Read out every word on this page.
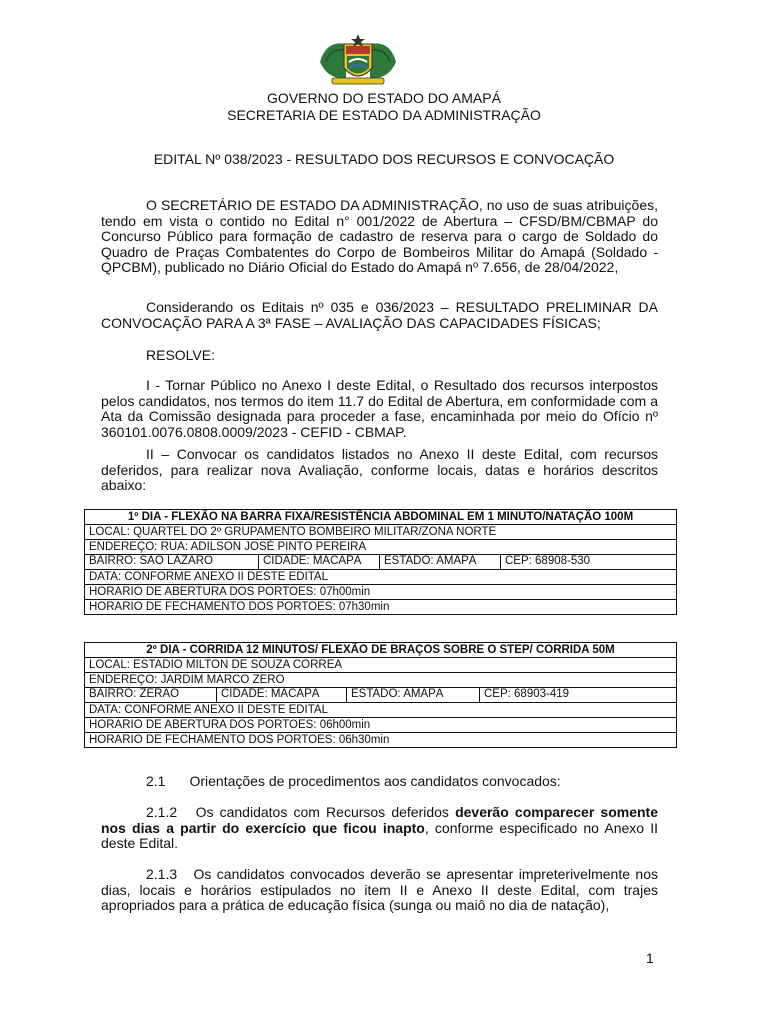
GOVERNO DO ESTADO DO AMAPÁ
SECRETARIA DE ESTADO DA ADMINISTRAÇÃO
EDITAL Nº 038/2023 - RESULTADO DOS RECURSOS E CONVOCAÇÃO
O SECRETÁRIO DE ESTADO DA ADMINISTRAÇÃO, no uso de suas atribuições, tendo em vista o contido no Edital n° 001/2022 de Abertura – CFSD/BM/CBMAP do Concurso Público para formação de cadastro de reserva para o cargo de Soldado do Quadro de Praças Combatentes do Corpo de Bombeiros Militar do Amapá (Soldado - QPCBM), publicado no Diário Oficial do Estado do Amapá nº 7.656, de 28/04/2022,
Considerando os Editais nº 035 e 036/2023 – RESULTADO PRELIMINAR DA CONVOCAÇÃO PARA A 3ª FASE – AVALIAÇÃO DAS CAPACIDADES FÍSICAS;
RESOLVE:
I - Tornar Público no Anexo I deste Edital, o Resultado dos recursos interpostos pelos candidatos, nos termos do item 11.7 do Edital de Abertura, em conformidade com a Ata da Comissão designada para proceder a fase, encaminhada por meio do Ofício nº 360101.0076.0808.0009/2023 - CEFID - CBMAP.
II – Convocar os candidatos listados no Anexo II deste Edital, com recursos deferidos, para realizar nova Avaliação, conforme locais, datas e horários descritos abaixo:
1º DIA - FLEXÃO NA BARRA FIXA/RESISTÊNCIA ABDOMINAL EM 1 MINUTO/NATAÇÃO 100M
LOCAL: QUARTEL DO 2º GRUPAMENTO BOMBEIRO MILITAR/ZONA NORTE
ENDEREÇO: RUA: ADILSON JOSÉ PINTO PEREIRA

BAIRRO: SÃO LÁZARO	CIDADE: MACAPÁ	ESTADO: AMAPÁ	CEP: 68908-530

DATA: CONFORME ANEXO II DESTE EDITAL
HORARIO DE ABERTURA DOS PORTOES: 07h00min
HORARIO DE FECHAMENTO DOS PORTOES: 07h30min
2º DIA - CORRIDA 12 MINUTOS/ FLEXÃO DE BRAÇOS SOBRE O STEP/ CORRIDA 50M
LOCAL: ESTADIO MILTON DE SOUZA CORREA
ENDEREÇO: JARDIM MARCO ZERO

BAIRRO: ZERÃO	CIDADE: MACAPÁ	ESTADO: AMAPÁ	CEP: 68903-419

DATA: CONFORME ANEXO II DESTE EDITAL
HORARIO DE ABERTURA DOS PORTOES: 06h00min
HORARIO DE FECHAMENTO DOS PORTOES: 06h30min
2.1 Orientações de procedimentos aos candidatos convocados:
2.1.2 Os candidatos com Recursos deferidos deverão comparecer somente nos dias a partir do exercício que ficou inapto, conforme especificado no Anexo II deste Edital.
2.1.3 Os candidatos convocados deverão se apresentar impreterivelmente nos dias, locais e horários estipulados no item II e Anexo II deste Edital, com trajes apropriados para a prática de educação física (sunga ou maiô no dia de natação),
1
